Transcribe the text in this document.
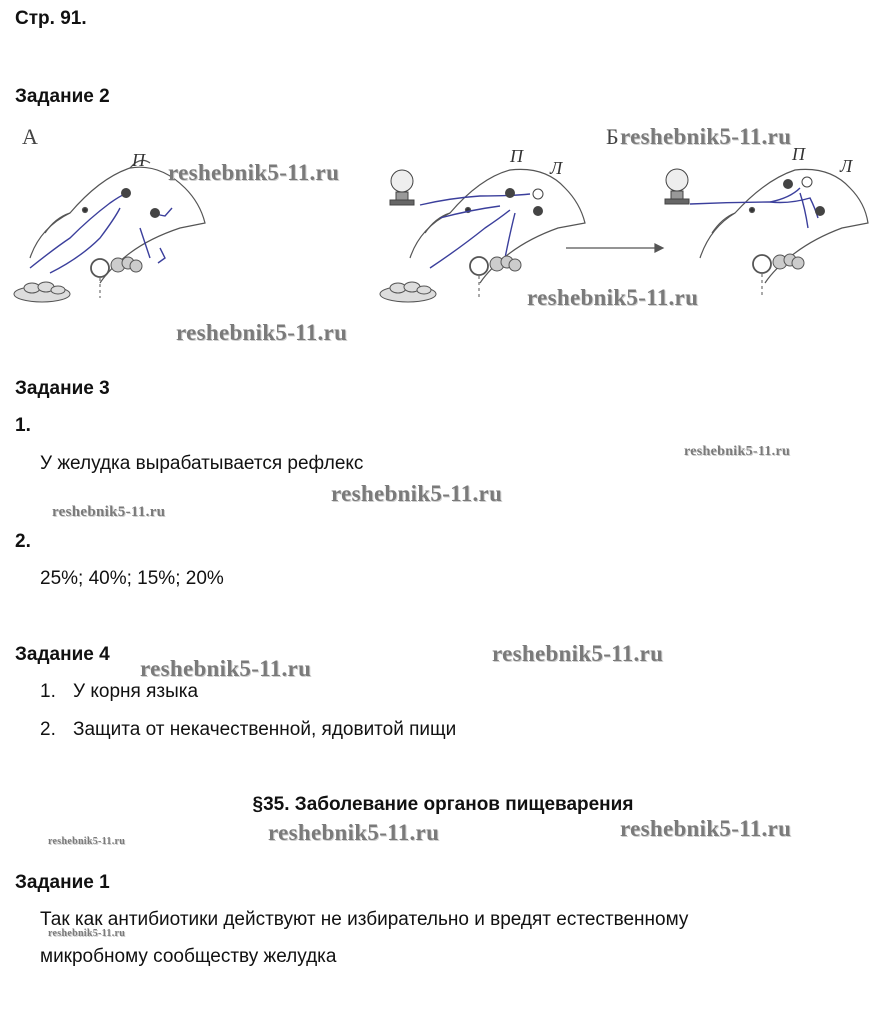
Стр. 91.
Задание 2
А
П	П
Л
Б
П
Л
reshebnik5-11.ru
reshebnik5-11.ru
reshebnik5-11.ru
reshebnik5-11.ru
Задание 3
1.
У желудка вырабатывается рефлекс
reshebnik5-11.ru
reshebnik5-11.ru
reshebnik5-11.ru
2.
25%; 40%; 15%; 20%
Задание 4
reshebnik5-11.ru
reshebnik5-11.ru
1. У корня языка
2. Защита от некачественной, ядовитой пищи
§35. Заболевание органов пищеварения
reshebnik5-11.ru	reshebnik5-11.ru	reshebnik5-11.ru
Задание 1
Так как антибиотики действуют не избирательно и вредят естественному
reshebnik5-11.ru
микробному сообществу желудка
